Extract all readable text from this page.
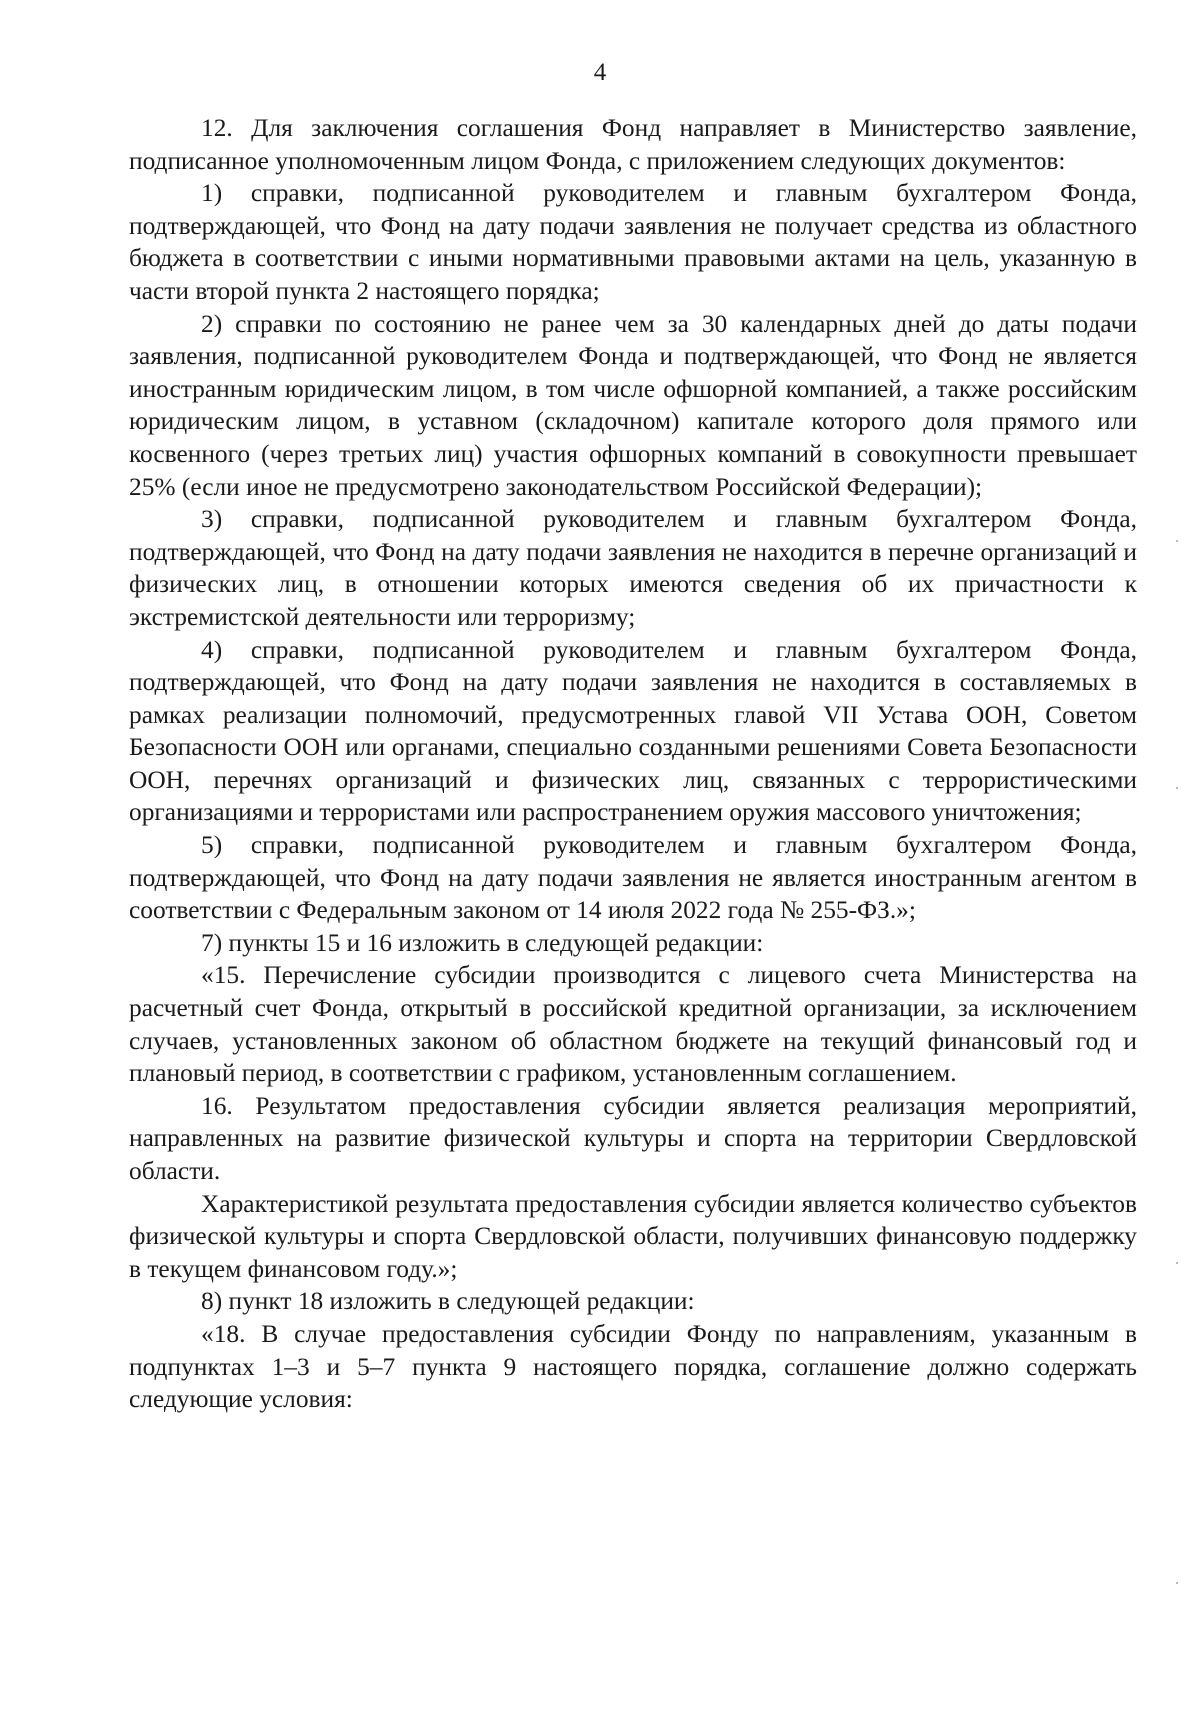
4

12. Для заключения соглашения Фонд направляет в Министерство заявление, подписанное уполномоченным лицом Фонда, с приложением следующих документов:

1) справки, подписанной руководителем и главным бухгалтером Фонда, подтверждающей, что Фонд на дату подачи заявления не получает средства из областного бюджета в соответствии с иными нормативными правовыми актами на цель, указанную в части второй пункта 2 настоящего порядка;

2) справки по состоянию не ранее чем за 30 календарных дней до даты подачи заявления, подписанной руководителем Фонда и подтверждающей, что Фонд не является иностранным юридическим лицом, в том числе офшорной компанией, а также российским юридическим лицом, в уставном (складочном) капитале которого доля прямого или косвенного (через третьих лиц) участия офшорных компаний в совокупности превышает 25% (если иное не предусмотрено законодательством Российской Федерации);

3) справки, подписанной руководителем и главным бухгалтером Фонда, подтверждающей, что Фонд на дату подачи заявления не находится в перечне организаций и физических лиц, в отношении которых имеются сведения об их причастности к экстремистской деятельности или терроризму;

4) справки, подписанной руководителем и главным бухгалтером Фонда, подтверждающей, что Фонд на дату подачи заявления не находится в составляемых в рамках реализации полномочий, предусмотренных главой VII Устава ООН, Советом Безопасности ООН или органами, специально созданными решениями Совета Безопасности ООН, перечнях организаций и физических лиц, связанных с террористическими организациями и террористами или распространением оружия массового уничтожения;

5) справки, подписанной руководителем и главным бухгалтером Фонда, подтверждающей, что Фонд на дату подачи заявления не является иностранным агентом в соответствии с Федеральным законом от 14 июля 2022 года № 255-ФЗ.»;

7) пункты 15 и 16 изложить в следующей редакции:

«15. Перечисление субсидии производится с лицевого счета Министерства на расчетный счет Фонда, открытый в российской кредитной организации, за исключением случаев, установленных законом об областном бюджете на текущий финансовый год и плановый период, в соответствии с графиком, установленным соглашением.

16. Результатом предоставления субсидии является реализация мероприятий, направленных на развитие физической культуры и спорта на территории Свердловской области.

Характеристикой результата предоставления субсидии является количество субъектов физической культуры и спорта Свердловской области, получивших финансовую поддержку в текущем финансовом году.»;

8) пункт 18 изложить в следующей редакции:

«18. В случае предоставления субсидии Фонду по направлениям, указанным в подпунктах 1–3 и 5–7 пункта 9 настоящего порядка, соглашение должно содержать следующие условия:
